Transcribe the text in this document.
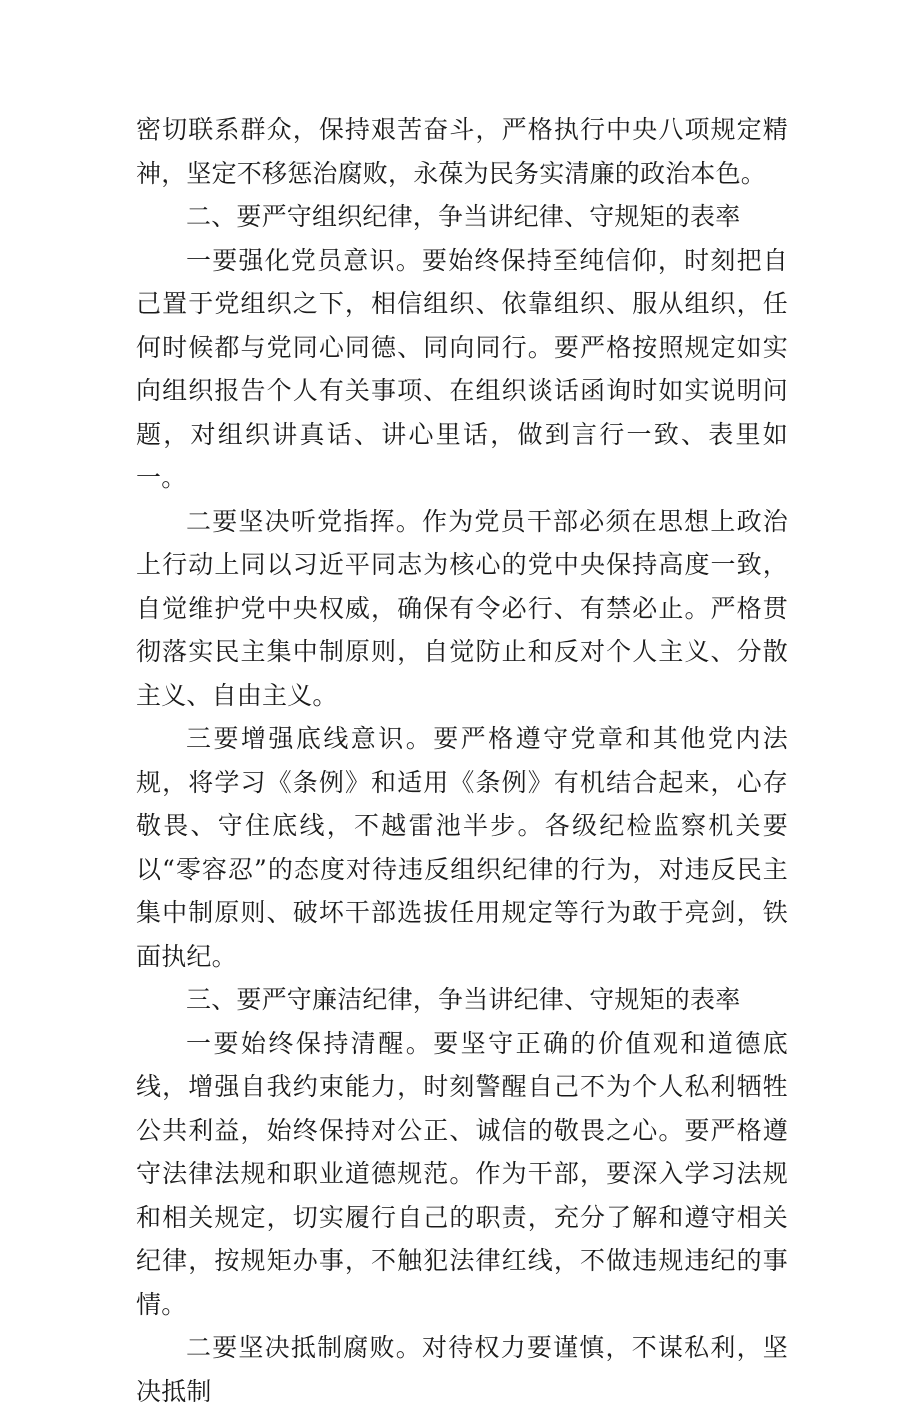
密切联系群众，保持艰苦奋斗，严格执行中央八项规定精神，坚定不移惩治腐败，永葆为民务实清廉的政治本色。

二、要严守组织纪律，争当讲纪律、守规矩的表率

一要强化党员意识。要始终保持至纯信仰，时刻把自己置于党组织之下，相信组织、依靠组织、服从组织，任何时候都与党同心同德、同向同行。要严格按照规定如实向组织报告个人有关事项、在组织谈话函询时如实说明问题，对组织讲真话、讲心里话，做到言行一致、表里如一。

二要坚决听党指挥。作为党员干部必须在思想上政治上行动上同以习近平同志为核心的党中央保持高度一致，自觉维护党中央权威，确保有令必行、有禁必止。严格贯彻落实民主集中制原则，自觉防止和反对个人主义、分散主义、自由主义。

三要增强底线意识。要严格遵守党章和其他党内法规，将学习《条例》和适用《条例》有机结合起来，心存敬畏、守住底线，不越雷池半步。各级纪检监察机关要以“零容忍”的态度对待违反组织纪律的行为，对违反民主集中制原则、破坏干部选拔任用规定等行为敢于亮剑，铁面执纪。

三、要严守廉洁纪律，争当讲纪律、守规矩的表率

一要始终保持清醒。要坚守正确的价值观和道德底线，增强自我约束能力，时刻警醒自己不为个人私利牺牲公共利益，始终保持对公正、诚信的敬畏之心。要严格遵守法律法规和职业道德规范。作为干部，要深入学习法规和相关规定，切实履行自己的职责，充分了解和遵守相关纪律，按规矩办事，不触犯法律红线，不做违规违纪的事情。

二要坚决抵制腐败。对待权力要谨慎，不谋私利，坚决抵制
